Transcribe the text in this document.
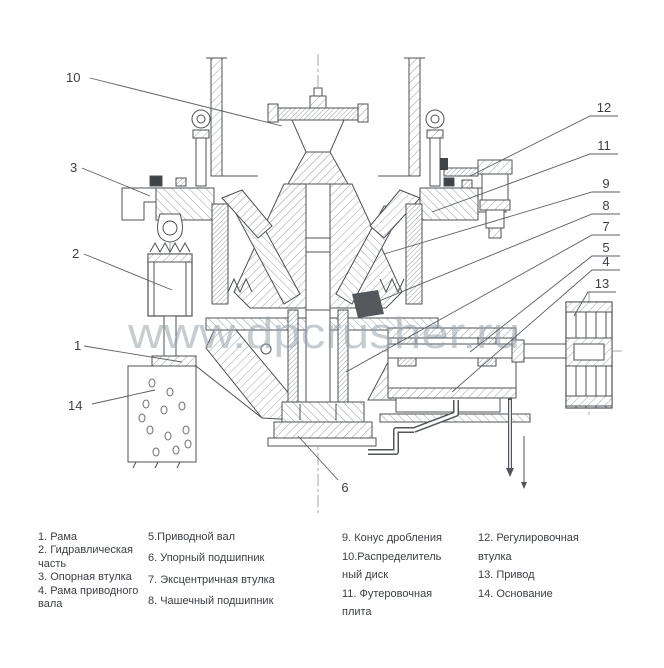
www.dpcrusher.ru
10
3
2
1
14
12
11
9
8
7
5
4
13
6
1. Рама
2. Гидравлическая часть
3. Опорная втулка
4. Рама приводного вала
5.Приводной вал
6. Упорный подшипник
7. Эксцентричная втулка
8. Чашечный подшипник
9. Конус дробления
10.Распределительный диск
11. Футеровочная плита
12. Регулировочная втулка
13. Привод
14. Основание
